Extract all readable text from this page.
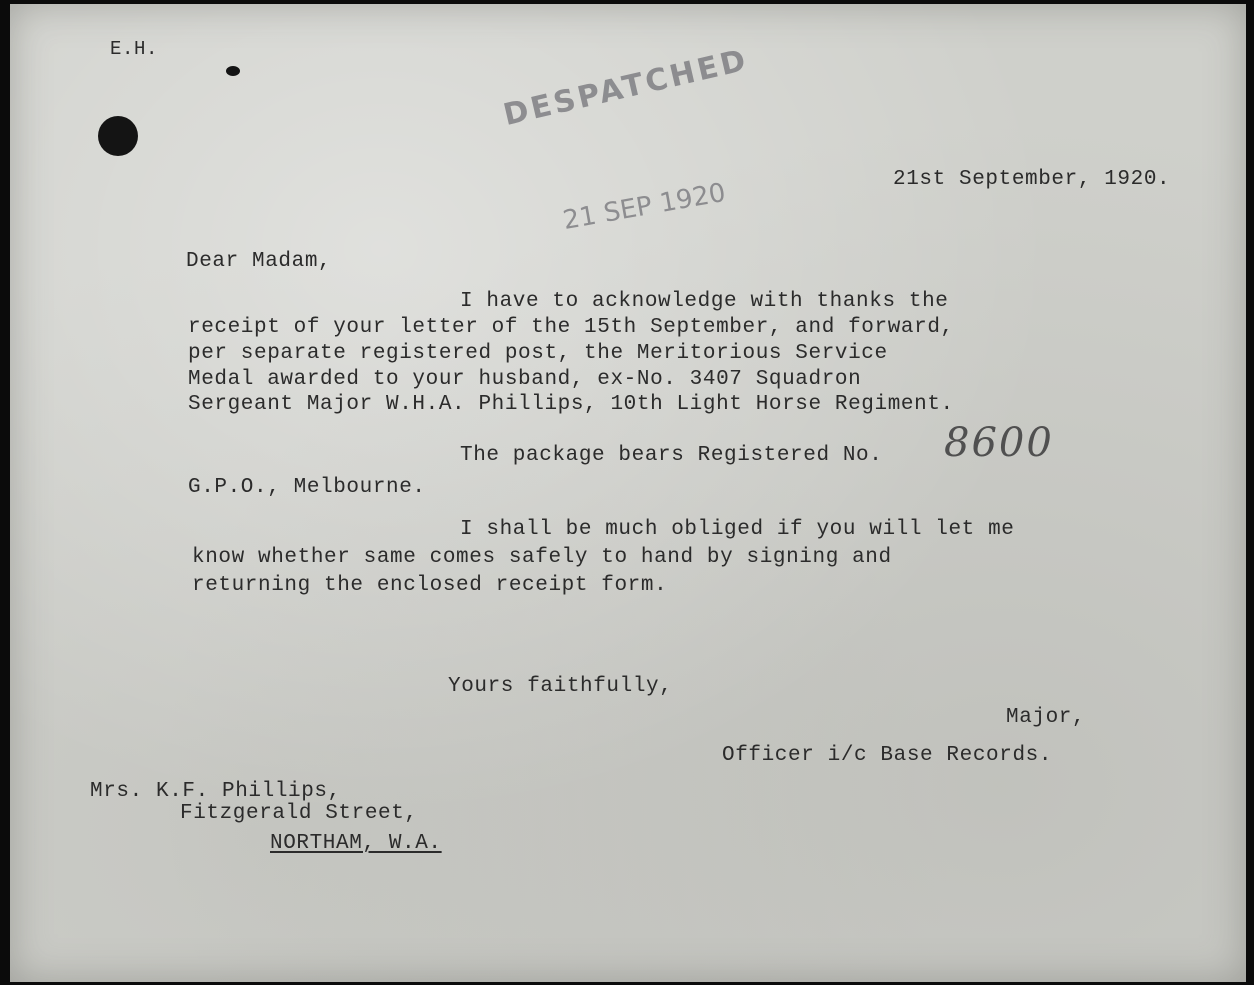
E.H.	DESPATCHED
21 SEP 1920	21st September, 1920.
Dear Madam,
I have to acknowledge with thanks the
receipt of your letter of the 15th September, and forward,
per separate registered post, the Meritorious Service
Medal awarded to your husband, ex-No. 3407 Squadron
Sergeant Major W.H.A. Phillips, 10th Light Horse Regiment.
The package bears Registered No. 8600
G.P.O., Melbourne.
I shall be much obliged if you will let me
know whether same comes safely to hand by signing and
returning the enclosed receipt form.
Yours faithfully,
Major,
Officer i/c Base Records.
Mrs. K.F. Phillips,
Fitzgerald Street,
NORTHAM, W.A.
